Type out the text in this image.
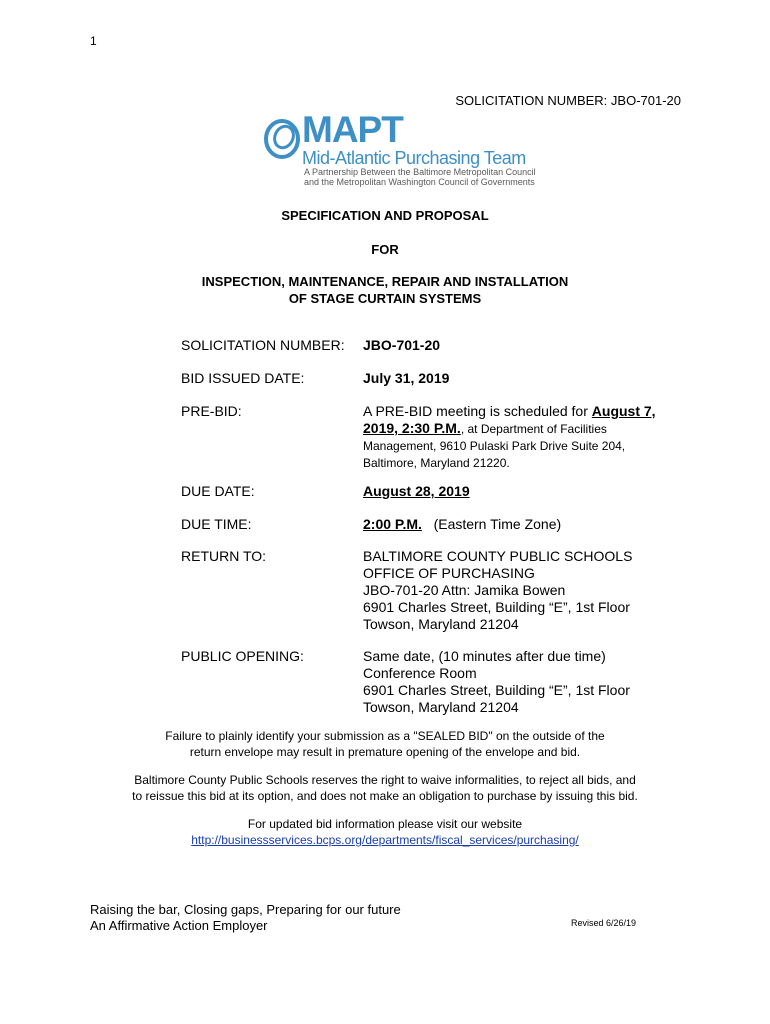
1
SOLICITATION NUMBER: JBO-701-20
MAPT
Mid-Atlantic Purchasing Team
A Partnership Between the Baltimore Metropolitan Council
and the Metropolitan Washington Council of Governments
SPECIFICATION AND PROPOSAL
FOR
INSPECTION, MAINTENANCE, REPAIR AND INSTALLATION
OF STAGE CURTAIN SYSTEMS
SOLICITATION NUMBER:	JBO-701-20
BID ISSUED DATE:	July 31, 2019
PRE-BID:	A PRE-BID meeting is scheduled for August 7, 2019, 2:30 P.M., at Department of Facilities
Management, 9610 Pulaski Park Drive Suite 204,
Baltimore, Maryland 21220.
DUE DATE:	August 28, 2019
DUE TIME:	2:00 P.M. (Eastern Time Zone)
RETURN TO:	BALTIMORE COUNTY PUBLIC SCHOOLS
OFFICE OF PURCHASING
JBO-701-20 Attn: Jamika Bowen
6901 Charles Street, Building “E”, 1st Floor
Towson, Maryland 21204
PUBLIC OPENING:	Same date, (10 minutes after due time)
Conference Room
6901 Charles Street, Building “E”, 1st Floor
Towson, Maryland 21204
Failure to plainly identify your submission as a "SEALED BID" on the outside of the
return envelope may result in premature opening of the envelope and bid.
Baltimore County Public Schools reserves the right to waive informalities, to reject all bids, and
to reissue this bid at its option, and does not make an obligation to purchase by issuing this bid.
For updated bid information please visit our website
http://businessservices.bcps.org/departments/fiscal_services/purchasing/
Raising the bar, Closing gaps, Preparing for our future
An Affirmative Action Employer	Revised 6/26/19
